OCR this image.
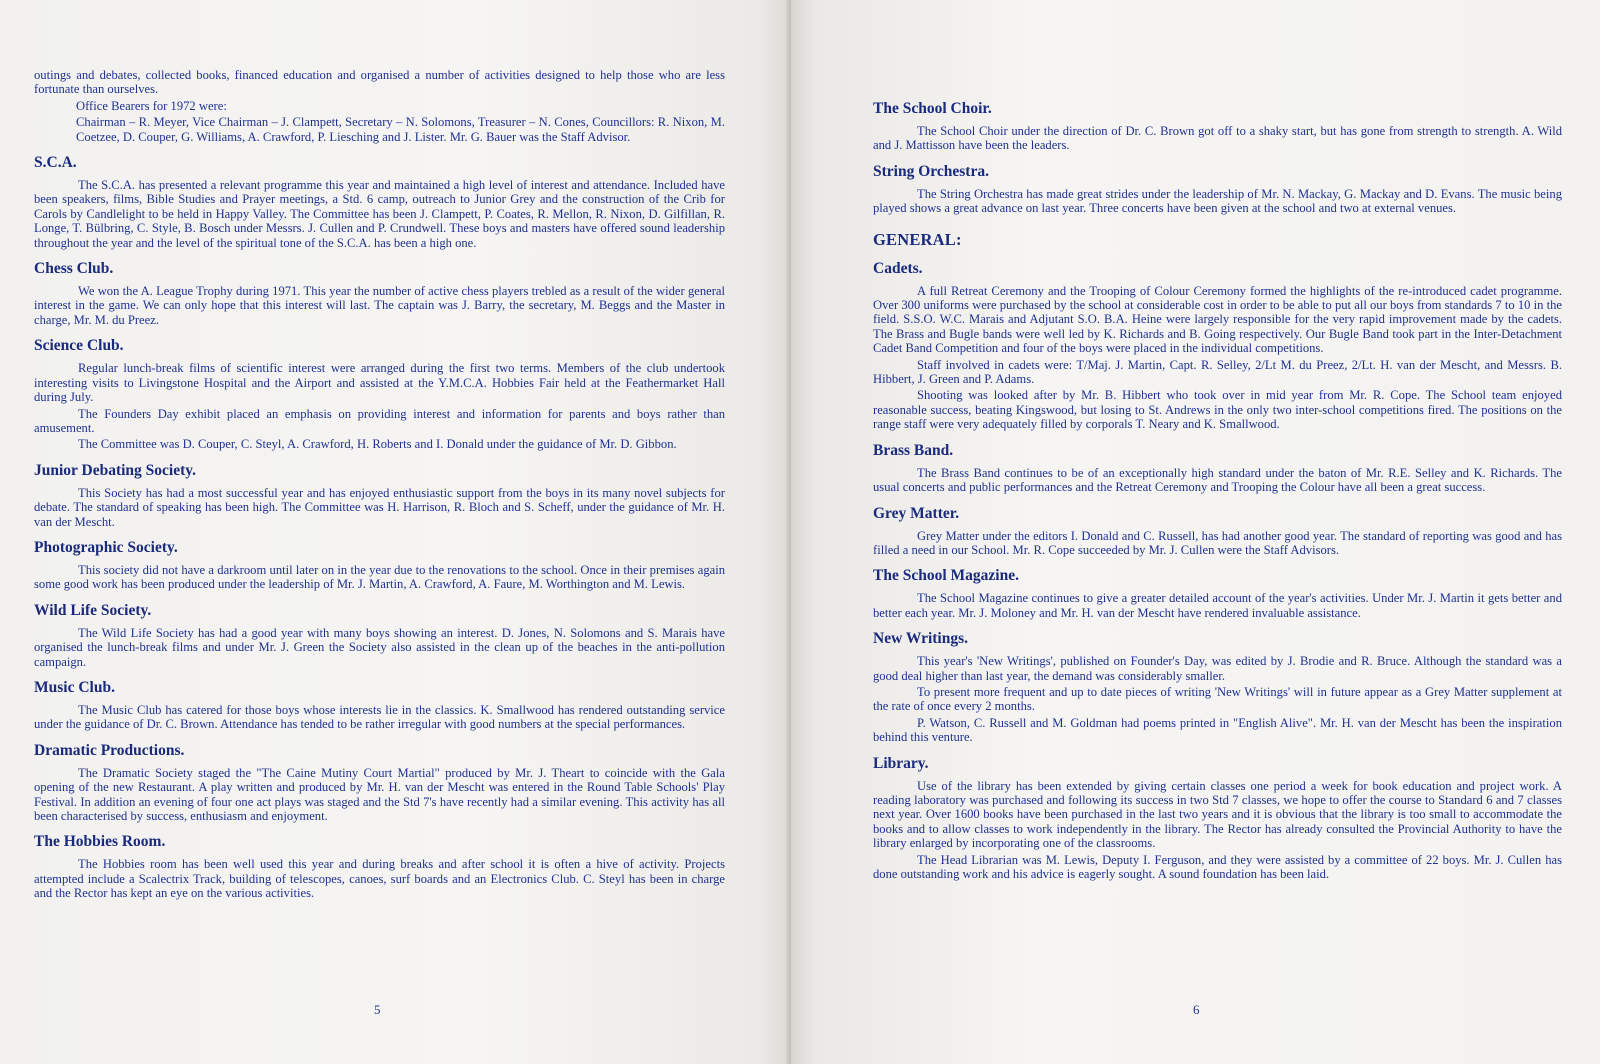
outings and debates, collected books, financed education and organised a number of activities designed to help those who are less fortunate than ourselves.

Office Bearers for 1972 were:

Chairman – R. Meyer, Vice Chairman – J. Clampett, Secretary – N. Solomons, Treasurer – N. Cones, Councillors: R. Nixon, M. Coetzee, D. Couper, G. Williams, A. Crawford, P. Liesching and J. Lister. Mr. G. Bauer was the Staff Advisor.

S.C.A.

The S.C.A. has presented a relevant programme this year and maintained a high level of interest and attendance. Included have been speakers, films, Bible Studies and Prayer meetings, a Std. 6 camp, outreach to Junior Grey and the construction of the Crib for Carols by Candlelight to be held in Happy Valley. The Committee has been J. Clampett, P. Coates, R. Mellon, R. Nixon, D. Gilfillan, R. Longe, T. Bülbring, C. Style, B. Bosch under Messrs. J. Cullen and P. Crundwell. These boys and masters have offered sound leadership throughout the year and the level of the spiritual tone of the S.C.A. has been a high one.

Chess Club.

We won the A. League Trophy during 1971. This year the number of active chess players trebled as a result of the wider general interest in the game. We can only hope that this interest will last. The captain was J. Barry, the secretary, M. Beggs and the Master in charge, Mr. M. du Preez.

Science Club.

Regular lunch-break films of scientific interest were arranged during the first two terms. Members of the club undertook interesting visits to Livingstone Hospital and the Airport and assisted at the Y.M.C.A. Hobbies Fair held at the Feathermarket Hall during July.

The Founders Day exhibit placed an emphasis on providing interest and information for parents and boys rather than amusement.

The Committee was D. Couper, C. Steyl, A. Crawford, H. Roberts and I. Donald under the guidance of Mr. D. Gibbon.

Junior Debating Society.

This Society has had a most successful year and has enjoyed enthusiastic support from the boys in its many novel subjects for debate. The standard of speaking has been high. The Committee was H. Harrison, R. Bloch and S. Scheff, under the guidance of Mr. H. van der Mescht.

Photographic Society.

This society did not have a darkroom until later on in the year due to the renovations to the school. Once in their premises again some good work has been produced under the leadership of Mr. J. Martin, A. Crawford, A. Faure, M. Worthington and M. Lewis.

Wild Life Society.

The Wild Life Society has had a good year with many boys showing an interest. D. Jones, N. Solomons and S. Marais have organised the lunch-break films and under Mr. J. Green the Society also assisted in the clean up of the beaches in the anti-pollution campaign.

Music Club.

The Music Club has catered for those boys whose interests lie in the classics. K. Smallwood has rendered outstanding service under the guidance of Dr. C. Brown. Attendance has tended to be rather irregular with good numbers at the special performances.

Dramatic Productions.

The Dramatic Society staged the "The Caine Mutiny Court Martial" produced by Mr. J. Theart to coincide with the Gala opening of the new Restaurant. A play written and produced by Mr. H. van der Mescht was entered in the Round Table Schools' Play Festival. In addition an evening of four one act plays was staged and the Std 7's have recently had a similar evening. This activity has all been characterised by success, enthusiasm and enjoyment.

The Hobbies Room.

The Hobbies room has been well used this year and during breaks and after school it is often a hive of activity. Projects attempted include a Scalectrix Track, building of telescopes, canoes, surf boards and an Electronics Club. C. Steyl has been in charge and the Rector has kept an eye on the various activities.

5
The School Choir.

The School Choir under the direction of Dr. C. Brown got off to a shaky start, but has gone from strength to strength. A. Wild and J. Mattisson have been the leaders.

String Orchestra.

The String Orchestra has made great strides under the leadership of Mr. N. Mackay, G. Mackay and D. Evans. The music being played shows a great advance on last year. Three concerts have been given at the school and two at external venues.

GENERAL:
Cadets.

A full Retreat Ceremony and the Trooping of Colour Ceremony formed the highlights of the re-introduced cadet programme. Over 300 uniforms were purchased by the school at considerable cost in order to be able to put all our boys from standards 7 to 10 in the field. S.S.O. W.C. Marais and Adjutant S.O. B.A. Heine were largely responsible for the very rapid improvement made by the cadets. The Brass and Bugle bands were well led by K. Richards and B. Going respectively. Our Bugle Band took part in the Inter-Detachment Cadet Band Competition and four of the boys were placed in the individual competitions.

Staff involved in cadets were: T/Maj. J. Martin, Capt. R. Selley, 2/Lt M. du Preez, 2/Lt. H. van der Mescht, and Messrs. B. Hibbert, J. Green and P. Adams.

Shooting was looked after by Mr. B. Hibbert who took over in mid year from Mr. R. Cope. The School team enjoyed reasonable success, beating Kingswood, but losing to St. Andrews in the only two inter-school competitions fired. The positions on the range staff were very adequately filled by corporals T. Neary and K. Smallwood.

Brass Band.

The Brass Band continues to be of an exceptionally high standard under the baton of Mr. R.E. Selley and K. Richards. The usual concerts and public performances and the Retreat Ceremony and Trooping the Colour have all been a great success.

Grey Matter.

Grey Matter under the editors I. Donald and C. Russell, has had another good year. The standard of reporting was good and has filled a need in our School. Mr. R. Cope succeeded by Mr. J. Cullen were the Staff Advisors.

The School Magazine.

The School Magazine continues to give a greater detailed account of the year's activities. Under Mr. J. Martin it gets better and better each year. Mr. J. Moloney and Mr. H. van der Mescht have rendered invaluable assistance.

New Writings.

This year's 'New Writings', published on Founder's Day, was edited by J. Brodie and R. Bruce. Although the standard was a good deal higher than last year, the demand was considerably smaller.

To present more frequent and up to date pieces of writing 'New Writings' will in future appear as a Grey Matter supplement at the rate of once every 2 months.

P. Watson, C. Russell and M. Goldman had poems printed in "English Alive". Mr. H. van der Mescht has been the inspiration behind this venture.

Library.

Use of the library has been extended by giving certain classes one period a week for book education and project work. A reading laboratory was purchased and following its success in two Std 7 classes, we hope to offer the course to Standard 6 and 7 classes next year. Over 1600 books have been purchased in the last two years and it is obvious that the library is too small to accommodate the books and to allow classes to work independently in the library. The Rector has already consulted the Provincial Authority to have the library enlarged by incorporating one of the classrooms.

The Head Librarian was M. Lewis, Deputy I. Ferguson, and they were assisted by a committee of 22 boys. Mr. J. Cullen has done outstanding work and his advice is eagerly sought. A sound foundation has been laid.

6
